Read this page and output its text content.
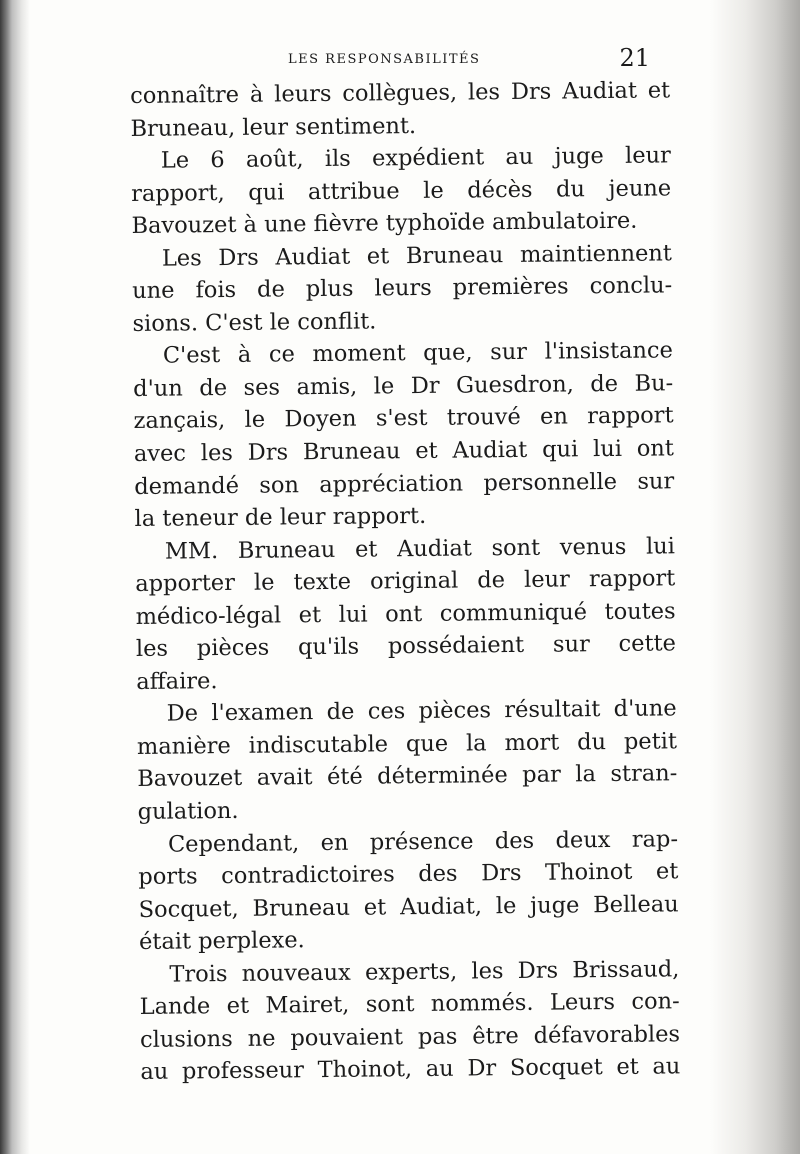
LES RESPONSABILITÉS	21
connaître à leurs collègues, les Drs Audiat et
Bruneau, leur sentiment.
Le 6 août, ils expédient au juge leur
rapport, qui attribue le décès du jeune
Bavouzet à une fièvre typhoïde ambulatoire.
Les Drs Audiat et Bruneau maintiennent
une fois de plus leurs premières conclu-
sions. C'est le conflit.
C'est à ce moment que, sur l'insistance
d'un de ses amis, le Dr Guesdron, de Bu-
zançais, le Doyen s'est trouvé en rapport
avec les Drs Bruneau et Audiat qui lui ont
demandé son appréciation personnelle sur
la teneur de leur rapport.
MM. Bruneau et Audiat sont venus lui
apporter le texte original de leur rapport
médico-légal et lui ont communiqué toutes
les pièces qu'ils possédaient sur cette
affaire.
De l'examen de ces pièces résultait d'une
manière indiscutable que la mort du petit
Bavouzet avait été déterminée par la stran-
gulation.
Cependant, en présence des deux rap-
ports contradictoires des Drs Thoinot et
Socquet, Bruneau et Audiat, le juge Belleau
était perplexe.
Trois nouveaux experts, les Drs Brissaud,
Lande et Mairet, sont nommés. Leurs con-
clusions ne pouvaient pas être défavorables
au professeur Thoinot, au Dr Socquet et au
